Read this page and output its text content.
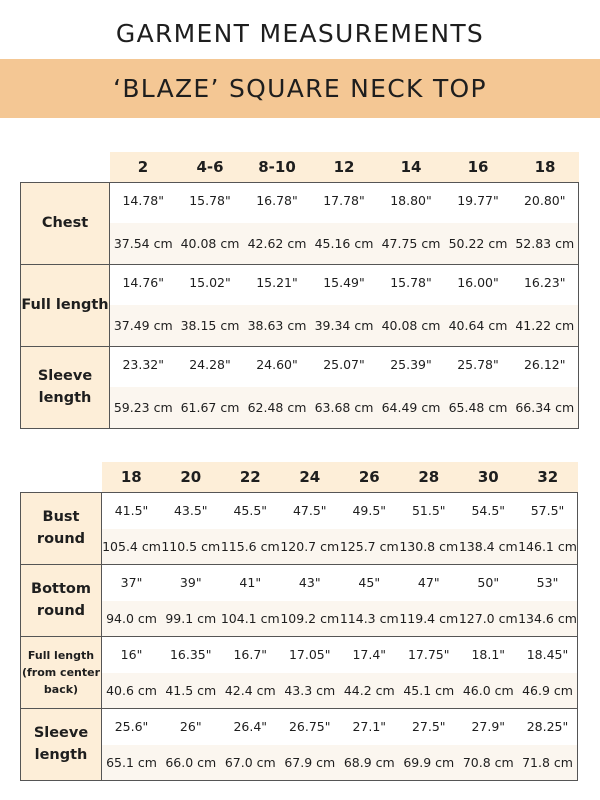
GARMENT MEASUREMENTS
‘BLAZE’ SQUARE NECK TOP
	2	4-6	8-10	12	14	16	18
Chest	14.78"	15.78"	16.78"	17.78"	18.80"	19.77"	20.80"
	37.54 cm	40.08 cm	42.62 cm	45.16 cm	47.75 cm	50.22 cm	52.83 cm
Full length	14.76"	15.02"	15.21"	15.49"	15.78"	16.00"	16.23"
	37.49 cm	38.15 cm	38.63 cm	39.34 cm	40.08 cm	40.64 cm	41.22 cm
Sleeve length	23.32"	24.28"	24.60"	25.07"	25.39"	25.78"	26.12"
	59.23 cm	61.67 cm	62.48 cm	63.68 cm	64.49 cm	65.48 cm	66.34 cm
	18	20	22	24	26	28	30	32
Bust round	41.5"	43.5"	45.5"	47.5"	49.5"	51.5"	54.5"	57.5"
	105.4 cm	110.5 cm	115.6 cm	120.7 cm	125.7 cm	130.8 cm	138.4 cm	146.1 cm
Bottom round	37"	39"	41"	43"	45"	47"	50"	53"
	94.0 cm	99.1 cm	104.1 cm	109.2 cm	114.3 cm	119.4 cm	127.0 cm	134.6 cm
Full length (from center back)	16"	16.35"	16.7"	17.05"	17.4"	17.75"	18.1"	18.45"
	40.6 cm	41.5 cm	42.4 cm	43.3 cm	44.2 cm	45.1 cm	46.0 cm	46.9 cm
Sleeve length	25.6"	26"	26.4"	26.75"	27.1"	27.5"	27.9"	28.25"
	65.1 cm	66.0 cm	67.0 cm	67.9 cm	68.9 cm	69.9 cm	70.8 cm	71.8 cm
